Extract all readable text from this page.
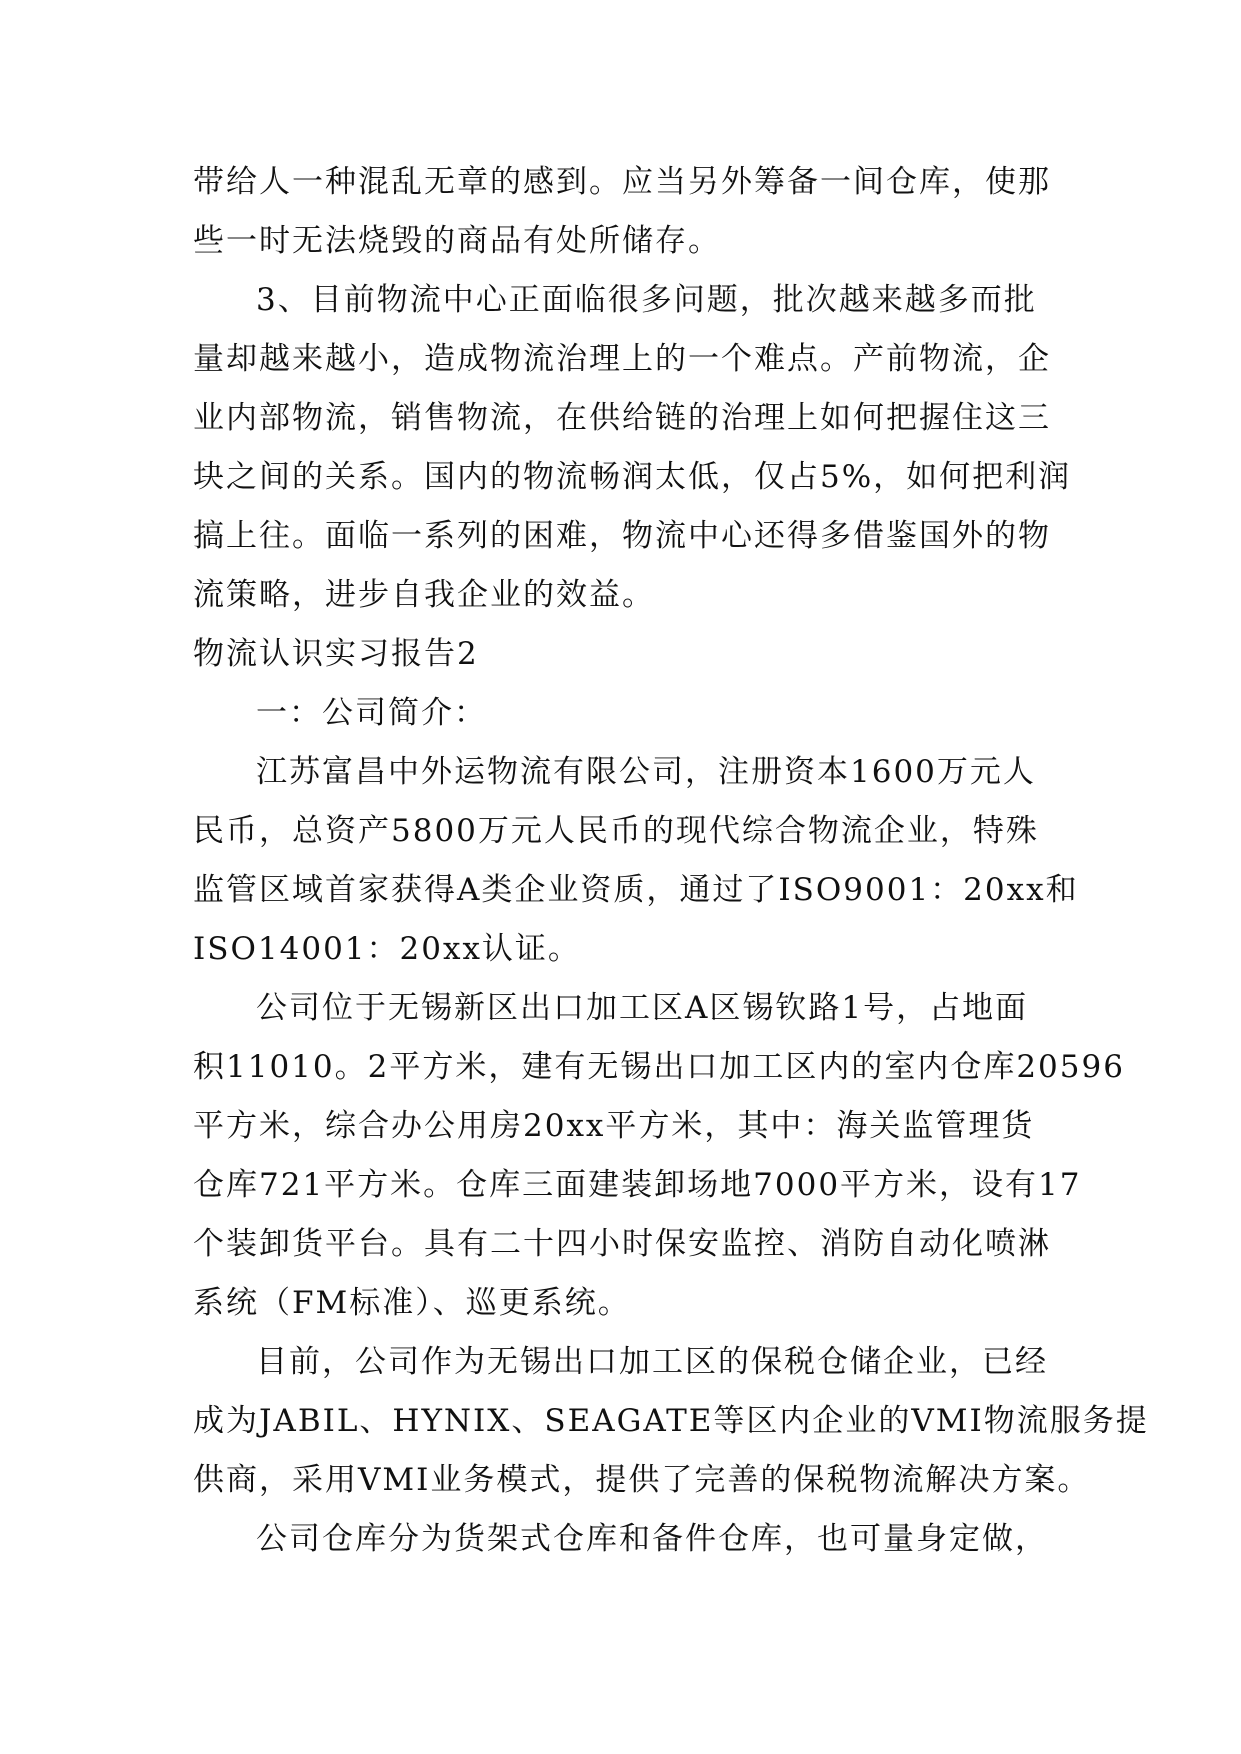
带给人一种混乱无章的感到。应当另外筹备一间仓库，使那
些一时无法烧毁的商品有处所储存。
3、目前物流中心正面临很多问题，批次越来越多而批
量却越来越小，造成物流治理上的一个难点。产前物流，企
业内部物流，销售物流，在供给链的治理上如何把握住这三
块之间的关系。国内的物流畅润太低，仅占5%，如何把利润
搞上往。面临一系列的困难，物流中心还得多借鉴国外的物
流策略，进步自我企业的效益。
物流认识实习报告2
一：公司简介：
江苏富昌中外运物流有限公司，注册资本1600万元人
民币，总资产5800万元人民币的现代综合物流企业，特殊
监管区域首家获得A类企业资质，通过了ISO9001：20xx和
ISO14001：20xx认证。
公司位于无锡新区出口加工区A区锡钦路1号，占地面
积11010。2平方米，建有无锡出口加工区内的室内仓库20596
平方米，综合办公用房20xx平方米，其中：海关监管理货
仓库721平方米。仓库三面建装卸场地7000平方米，设有17
个装卸货平台。具有二十四小时保安监控、消防自动化喷淋
系统（FM标准）、巡更系统。
目前，公司作为无锡出口加工区的保税仓储企业，已经
成为JABIL、HYNIX、SEAGATE等区内企业的VMI物流服务提
供商，采用VMI业务模式，提供了完善的保税物流解决方案。
公司仓库分为货架式仓库和备件仓库，也可量身定做，
